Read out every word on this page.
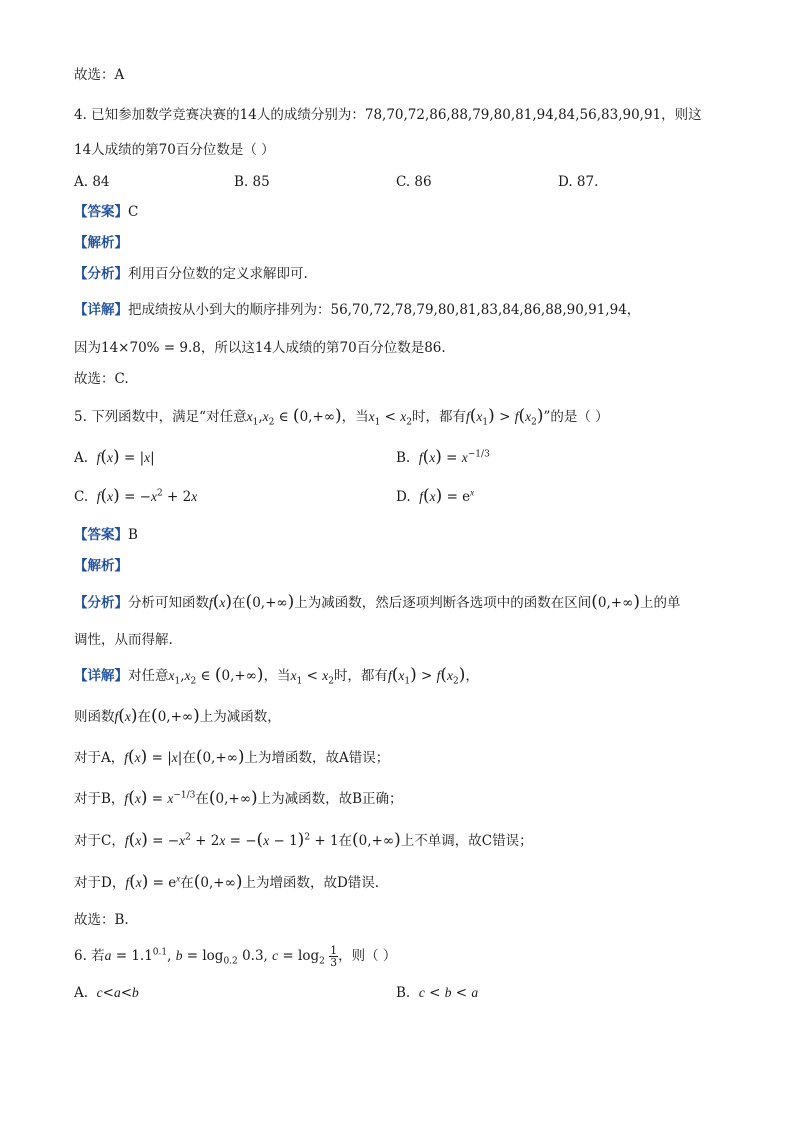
故选：A
4. 已知参加数学竞赛决赛的14人的成绩分别为：78,70,72,86,88,79,80,81,94,84,56,83,90,91，则这
14人成绩的第70百分位数是（ ）
A. 84	B. 85	C. 86	D. 87.
【答案】C
【解析】
【分析】利用百分位数的定义求解即可.
【详解】把成绩按从小到大的顺序排列为：56,70,72,78,79,80,81,83,84,86,88,90,91,94，
因为14×70% = 9.8，所以这14人成绩的第70百分位数是86.
故选：C.
5. 下列函数中，满足“对任意$x_1,x_2$ ∈ (0,+∞)，当$x_1 < x_2$时，都有$f(x_1) > f(x_2)$”的是（ ）
A. f(x) = |x|	B. $f(x) = x^{-1/3}$
C. $f(x) = -x^2 + 2x$	D. $f(x) = e^x$
【答案】B
【解析】
【分析】分析可知函数f(x)在(0,+∞)上为减函数，然后逐项判断各选项中的函数在区间(0,+∞)上的单
调性，从而得解.
【详解】对任意$x_1,x_2$ ∈ (0,+∞)，当$x_1 < x_2$时，都有$f(x_1) > f(x_2)$，
则函数f(x)在(0,+∞)上为减函数，
对于A，f(x) = |x|在(0,+∞)上为增函数，故A错误；
对于B，$f(x) = x^{-1/3}$在(0,+∞)上为减函数，故B正确；
对于C，$f(x) = -x^2 + 2x = -(x - 1)^2 + 1$在(0,+∞)上不单调，故C错误；
对于D，$f(x) = e^x$在(0,+∞)上为增函数，故D错误.
故选：B.
6. 若$a = 1.1^{0.1}$, $b = \log_{0.2} 0.3$, $c = \log_2 \frac{1}{3}$ ，则（ ）
A. c<a<b	B. c < b < a
